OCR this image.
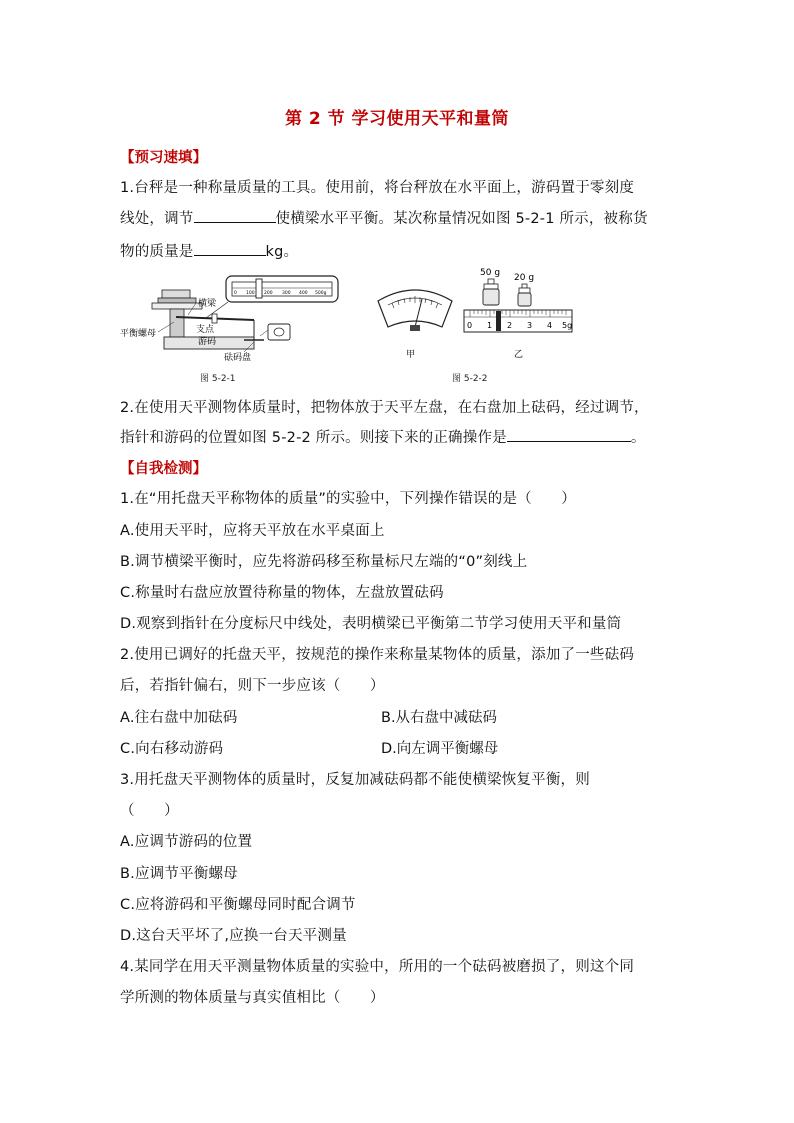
第 2 节 学习使用天平和量筒
【预习速填】
1.台秤是一种称量质量的工具。使用前，将台秤放在水平面上，游码置于零刻度
线处，调节	使横梁水平平衡。某次称量情况如图 5-2-1 所示，被称货
物的质量是	kg。
0 100 200 300 400 500g
横梁
平衡螺母	支点
游码
砝码盘
图 5-2-1
甲
50 g 20 g
0 1 2 3 4 5g
乙
图 5-2-2
2.在使用天平测物体质量时，把物体放于天平左盘，在右盘加上砝码，经过调节，
指针和游码的位置如图 5-2-2 所示。则接下来的正确操作是	。
【自我检测】
1.在“用托盘天平称物体的质量”的实验中，下列操作错误的是（　　）
A.使用天平时，应将天平放在水平桌面上
B.调节横梁平衡时，应先将游码移至称量标尺左端的“0”刻线上
C.称量时右盘应放置待称量的物体，左盘放置砝码
D.观察到指针在分度标尺中线处，表明横梁已平衡第二节学习使用天平和量筒
2.使用已调好的托盘天平，按规范的操作来称量某物体的质量，添加了一些砝码
后，若指针偏右，则下一步应该（　　）
A.往右盘中加砝码	B.从右盘中减砝码
C.向右移动游码	D.向左调平衡螺母
3.用托盘天平测物体的质量时，反复加减砝码都不能使横梁恢复平衡，则
（　　）
A.应调节游码的位置
B.应调节平衡螺母
C.应将游码和平衡螺母同时配合调节
D.这台天平坏了,应换一台天平测量
4.某同学在用天平测量物体质量的实验中，所用的一个砝码被磨损了，则这个同
学所测的物体质量与真实值相比（　　）
